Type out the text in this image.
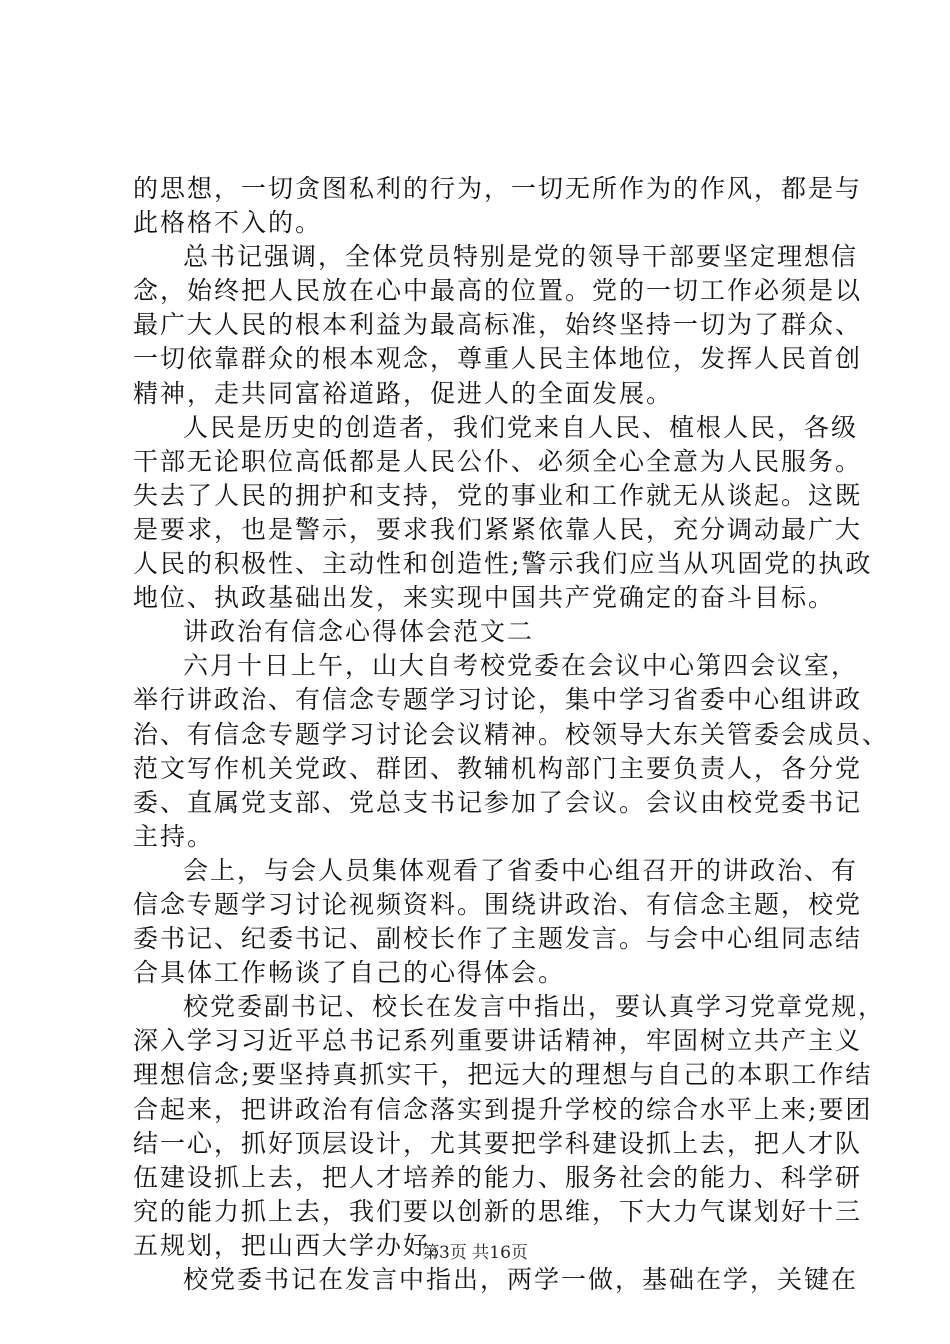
的思想，一切贪图私利的行为，一切无所作为的作风，都是与
此格格不入的。
总书记强调，全体党员特别是党的领导干部要坚定理想信
念，始终把人民放在心中最高的位置。党的一切工作必须是以
最广大人民的根本利益为最高标准，始终坚持一切为了群众、
一切依靠群众的根本观念，尊重人民主体地位，发挥人民首创
精神，走共同富裕道路，促进人的全面发展。
人民是历史的创造者，我们党来自人民、植根人民，各级
干部无论职位高低都是人民公仆、必须全心全意为人民服务。
失去了人民的拥护和支持，党的事业和工作就无从谈起。这既
是要求，也是警示，要求我们紧紧依靠人民，充分调动最广大
人民的积极性、主动性和创造性;警示我们应当从巩固党的执政
地位、执政基础出发，来实现中国共产党确定的奋斗目标。
讲政治有信念心得体会范文二
六月十日上午，山大自考校党委在会议中心第四会议室，
举行讲政治、有信念专题学习讨论，集中学习省委中心组讲政
治、有信念专题学习讨论会议精神。校领导大东关管委会成员、
范文写作机关党政、群团、教辅机构部门主要负责人，各分党
委、直属党支部、党总支书记参加了会议。会议由校党委书记
主持。
会上，与会人员集体观看了省委中心组召开的讲政治、有
信念专题学习讨论视频资料。围绕讲政治、有信念主题，校党
委书记、纪委书记、副校长作了主题发言。与会中心组同志结
合具体工作畅谈了自己的心得体会。
校党委副书记、校长在发言中指出，要认真学习党章党规，
深入学习习近平总书记系列重要讲话精神，牢固树立共产主义
理想信念;要坚持真抓实干，把远大的理想与自己的本职工作结
合起来，把讲政治有信念落实到提升学校的综合水平上来;要团
结一心，抓好顶层设计，尤其要把学科建设抓上去，把人才队
伍建设抓上去，把人才培养的能力、服务社会的能力、科学研
究的能力抓上去，我们要以创新的思维，下大力气谋划好十三
五规划，把山西大学办好。
校党委书记在发言中指出，两学一做，基础在学，关键在
第3页 共16页
